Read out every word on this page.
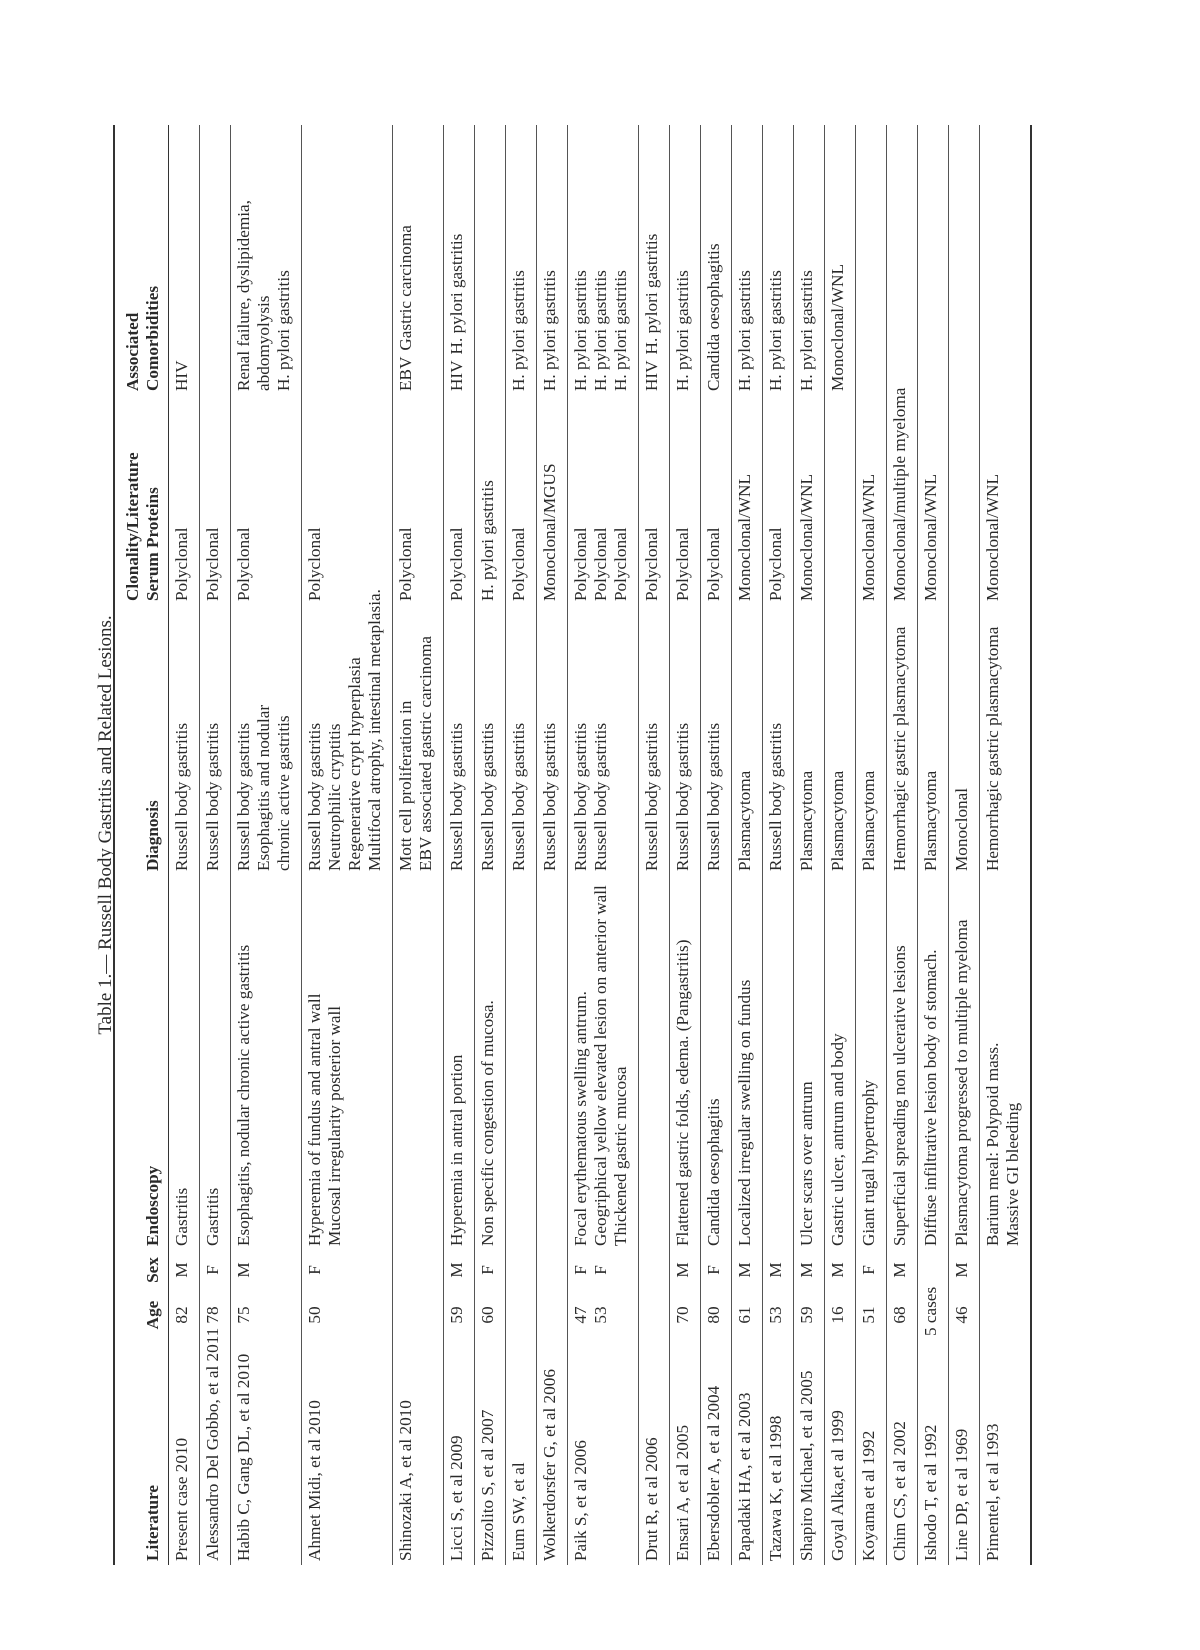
Table 1.— Russell Body Gastritis and Related Lesions.
Literature	Age	Sex	Endoscopy	Diagnosis	Clonality/Literature Serum Proteins	Associated Comorbidities

Present case 2010	82	M	Gastritis	Russell body gastritis	Polyclonal	HIV

Alessandro Del Gobbo, et al 2011	78	F	Gastritis	Russell body gastritis	Polyclonal	

Habib C, Gang DL, et al 2010	75	M	Esophagitis, nodular chronic active gastritis	Russell body gastritis Esophagitis and nodular chronic active gastritis	Polyclonal	Renal failure, dyslipidemia, abdomyolysis H. pylori gastritis

Ahmet Midi, et al 2010	50	F	Hyperemia of fundus and antral wall Mucosal irregularity posterior wall	Russell body gastritis Neutrophilic cryptitis Regenerative crypt hyperplasia Multifocal atrophy, intestinal metaplasia.	Polyclonal	

Shinozaki A, et al 2010				Mott cell proliferation in EBV associated gastric carcinoma	Polyclonal	EBVGastric carcinoma

Licci S, et al 2009	59	M	Hyperemia in antral portion	Russell body gastritis	Polyclonal	HIVH. pylori gastritis

Pizzolito S, et al 2007	60	F	Non specific congestion of mucosa.	Russell body gastritis	H. pylori gastritis	

Eum SW, et al				Russell body gastritis	Polyclonal	H. pylori gastritis

Wolkerdorsfer G, et al 2006				Russell body gastritis	Monoclonal/MGUS	H. pylori gastritis

Paik S, et al 2006	47 53	F F	Focal erythematous swelling antrum. Geogriphical yellow elevated lesion on anterior wall Thickened gastric mucosa	Russell body gastritis Russell body gastritis	Polyclonal Polyclonal Polyclonal	H. pylori gastritis H. pylori gastritis H. pylori gastritis

Drut R, et al 2006				Russell body gastritis	Polyclonal	HIVH. pylori gastritis

Ensari A, et al 2005	70	M	Flattened gastric folds, edema. (Pangastritis)	Russell body gastritis	Polyclonal	H. pylori gastritis

Ebersdobler A, et al 2004	80	F	Candida oesophagitis	Russell body gastritis	Polyclonal	Candida oesophagitis

Papadaki HA, et al 2003	61	M	Localized irregular swelling on fundus	Plasmacytoma	Monoclonal/WNL	H. pylori gastritis

Tazawa K, et al 1998	53	M		Russell body gastritis	Polyclonal	H. pylori gastritis

Shapiro Michael, et al 2005	59	M	Ulcer scars over antrum	Plasmacytoma	Monoclonal/WNL	H. pylori gastritis

Goyal Alka,et al 1999	16	M	Gastric ulcer, antrum and body	Plasmacytoma		Monoclonal/WNL

Koyama et al 1992	51	F	Giant rugal hypertrophy	Plasmacytoma	Monoclonal/WNL	

Chim CS, et al 2002	68	M	Superficial spreading non ulcerative lesions	Hemorrhagic gastric plasmacytoma	Monoclonal/multiple myeloma	

Ishodo T, et al 1992	5 cases		Diffuse infiltrative lesion body of stomach.	Plasmacytoma	Monoclonal/WNL	

Line DP, et al 1969	46	M	Plasmacytoma progressed to multiple myeloma	Monoclonal		

Pimentel, et al 1993			Barium meal: Polypoid mass. Massive GI bleeding	Hemorrhagic gastric plasmacytoma	Monoclonal/WNL	
